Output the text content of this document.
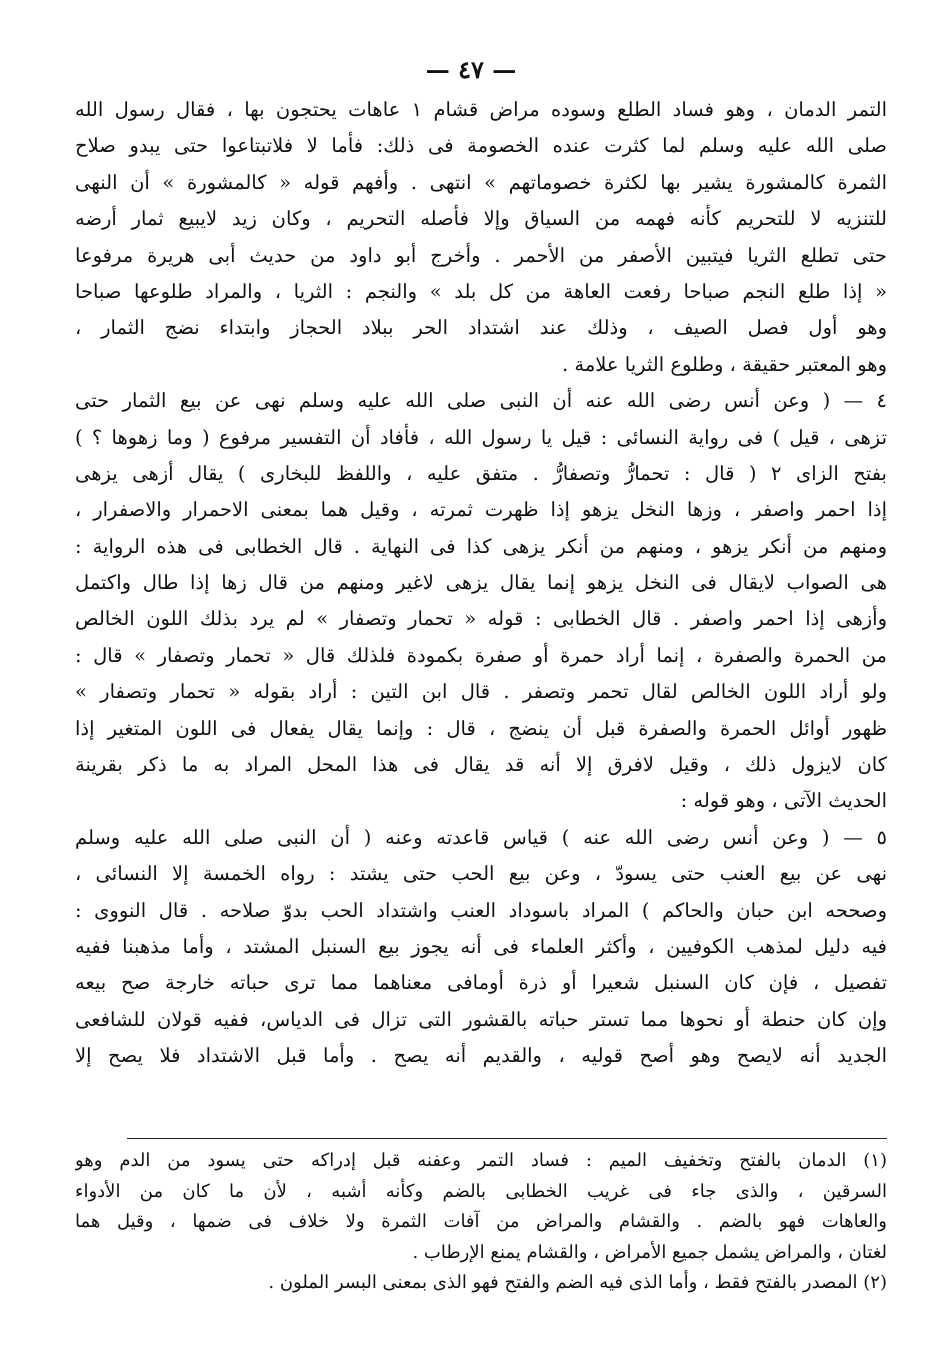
— ٤٧ —
التمر الدمان ، وهو فساد الطلع وسوده مراض قشام ١ عاهات يحتجون بها ، فقال رسول الله
صلى الله عليه وسلم لما كثرت عنده الخصومة فى ذلك: فأما لا فلاتبتاعوا حتى يبدو صلاح
الثمرة كالمشورة يشير بها لكثرة خصوماتهم » انتهى . وأفهم قوله « كالمشورة » أن النهى
للتنزيه لا للتحريم كأنه فهمه من السياق وإلا فأصله التحريم ، وكان زيد لايبيع ثمار أرضه
حتى تطلع الثريا فيتبين الأصفر من الأحمر . وأخرج أبو داود من حديث أبى هريرة مرفوعا
« إذا طلع النجم صباحا رفعت العاهة من كل بلد » والنجم : الثريا ، والمراد طلوعها صباحا
وهو أول فصل الصيف ، وذلك عند اشتداد الحر ببلاد الحجاز وابتداء نضج الثمار ،
وهو المعتبر حقيقة ، وطلوع الثريا علامة .
٤ — ( وعن أنس رضى الله عنه أن النبى صلى الله عليه وسلم نهى عن بيع الثمار حتى
تزهى ، قيل ) فى رواية النسائى : قيل يا رسول الله ، فأفاد أن التفسير مرفوع ( وما زهوها ؟ )
بفتح الزاى ٢ ( قال : تحمارُّ وتصفارُّ . متفق عليه ، واللفظ للبخارى ) يقال أزهى يزهى
إذا احمر واصفر ، وزها النخل يزهو إذا ظهرت ثمرته ، وقيل هما بمعنى الاحمرار والاصفرار ،
ومنهم من أنكر يزهو ، ومنهم من أنكر يزهى كذا فى النهاية . قال الخطابى فى هذه الرواية :
هى الصواب لايقال فى النخل يزهو إنما يقال يزهى لاغير ومنهم من قال زها إذا طال واكتمل
وأزهى إذا احمر واصفر . قال الخطابى : قوله « تحمار وتصفار » لم يرد بذلك اللون الخالص
من الحمرة والصفرة ، إنما أراد حمرة أو صفرة بكمودة فلذلك قال « تحمار وتصفار » قال :
ولو أراد اللون الخالص لقال تحمر وتصفر . قال ابن التين : أراد بقوله « تحمار وتصفار »
ظهور أوائل الحمرة والصفرة قبل أن ينضج ، قال : وإنما يقال يفعال فى اللون المتغير إذا
كان لايزول ذلك ، وقيل لافرق إلا أنه قد يقال فى هذا المحل المراد به ما ذكر بقرينة
الحديث الآتى ، وهو قوله :
٥ — ( وعن أنس رضى الله عنه ) قياس قاعدته وعنه ( أن النبى صلى الله عليه وسلم
نهى عن بيع العنب حتى يسودّ ، وعن بيع الحب حتى يشتد : رواه الخمسة إلا النسائى ،
وصححه ابن حبان والحاكم ) المراد باسوداد العنب واشتداد الحب بدوّ صلاحه . قال النووى :
فيه دليل لمذهب الكوفيين ، وأكثر العلماء فى أنه يجوز بيع السنبل المشتد ، وأما مذهبنا ففيه
تفصيل ، فإن كان السنبل شعيرا أو ذرة أومافى معناهما مما ترى حباته خارجة صح بيعه
وإن كان حنطة أو نحوها مما تستر حباته بالقشور التى تزال فى الدياس، ففيه قولان للشافعى
الجديد أنه لايصح وهو أصح قوليه ، والقديم أنه يصح . وأما قبل الاشتداد فلا يصح إلا
(١) الدمان بالفتح وتخفيف الميم : فساد التمر وعفنه قبل إدراكه حتى يسود من الدم وهو
السرقين ، والذى جاء فى غريب الخطابى بالضم وكأنه أشبه ، لأن ما كان من الأدواء
والعاهات فهو بالضم . والقشام والمراض من آفات الثمرة ولا خلاف فى ضمها ، وقيل هما
لغتان ، والمراض يشمل جميع الأمراض ، والقشام يمنع الإرطاب .
(٢) المصدر بالفتح فقط ، وأما الذى فيه الضم والفتح فهو الذى بمعنى البسر الملون .
